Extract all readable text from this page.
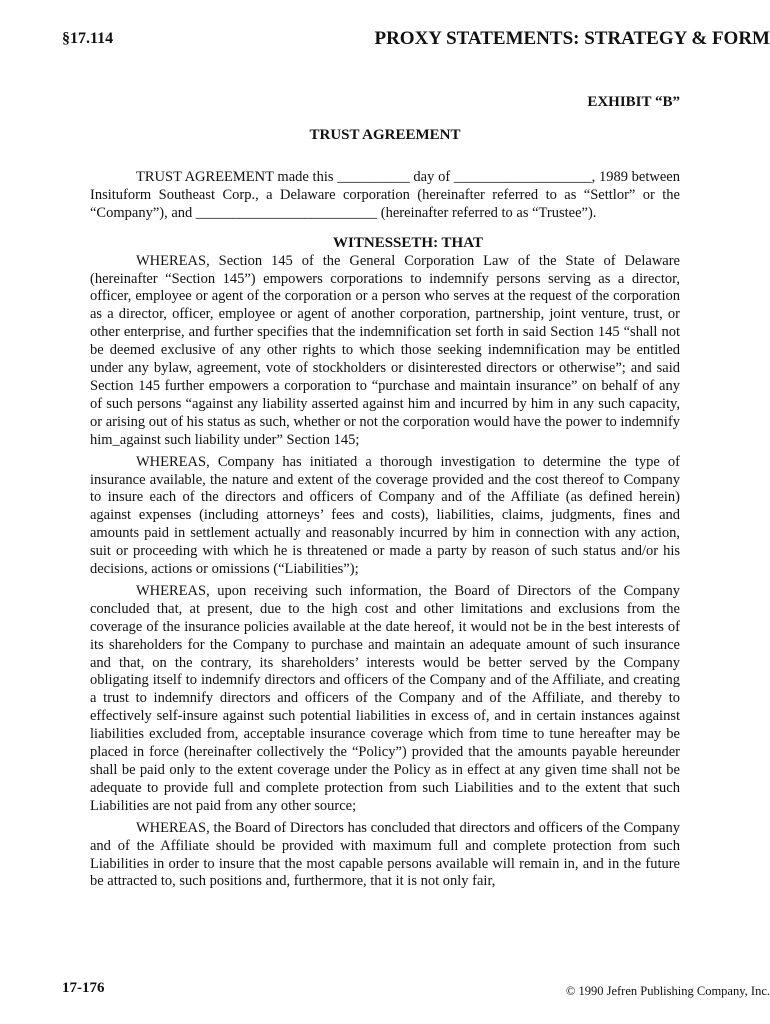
§17.114	PROXY STATEMENTS: STRATEGY & FORM
EXHIBIT “B”
TRUST AGREEMENT

TRUST AGREEMENT made this __________ day of ___________________, 1989 between Insituform Southeast Corp., a Delaware corporation (hereinafter referred to as “Settlor” or the “Company”), and _________________________ (hereinafter referred to as “Trustee”).

WITNESSETH: THAT

WHEREAS, Section 145 of the General Corporation Law of the State of Delaware (hereinafter “Section 145”) empowers corporations to indemnify persons serving as a director, officer, employee or agent of the corporation or a person who serves at the request of the corporation as a director, officer, employee or agent of another corporation, partnership, joint venture, trust, or other enterprise, and further specifies that the indemnification set forth in said Section 145 “shall not be deemed exclusive of any other rights to which those seeking indemnification may be entitled under any bylaw, agreement, vote of stockholders or disinterested directors or otherwise”; and said Section 145 further empowers a corporation to “purchase and maintain insurance” on behalf of any of such persons “against any liability asserted against him and incurred by him in any such capacity, or arising out of his status as such, whether or not the corporation would have the power to indemnify him_against such liability under” Section 145;

WHEREAS, Company has initiated a thorough investigation to determine the type of insurance available, the nature and extent of the coverage provided and the cost thereof to Company to insure each of the directors and officers of Company and of the Affiliate (as defined herein) against expenses (including attorneys’ fees and costs), liabilities, claims, judgments, fines and amounts paid in settlement actually and reasonably incurred by him in connection with any action, suit or proceeding with which he is threatened or made a party by reason of such status and/or his decisions, actions or omissions (“Liabilities”);

WHEREAS, upon receiving such information, the Board of Directors of the Company concluded that, at present, due to the high cost and other limitations and exclusions from the coverage of the insurance policies available at the date hereof, it would not be in the best interests of its shareholders for the Company to purchase and maintain an adequate amount of such insurance and that, on the contrary, its shareholders’ interests would be better served by the Company obligating itself to indemnify directors and officers of the Company and of the Affiliate, and creating a trust to indemnify directors and officers of the Company and of the Affiliate, and thereby to effectively self-insure against such potential liabilities in excess of, and in certain instances against liabilities excluded from, acceptable insurance coverage which from time to tune hereafter may be placed in force (hereinafter collectively the “Policy”) provided that the amounts payable hereunder shall be paid only to the extent coverage under the Policy as in effect at any given time shall not be adequate to provide full and complete protection from such Liabilities and to the extent that such Liabilities are not paid from any other source;

WHEREAS, the Board of Directors has concluded that directors and officers of the Company and of the Affiliate should be provided with maximum full and complete protection from such Liabilities in order to insure that the most capable persons available will remain in, and in the future be attracted to, such positions and, furthermore, that it is not only fair,

17-176	© 1990 Jefren Publishing Company, Inc.
